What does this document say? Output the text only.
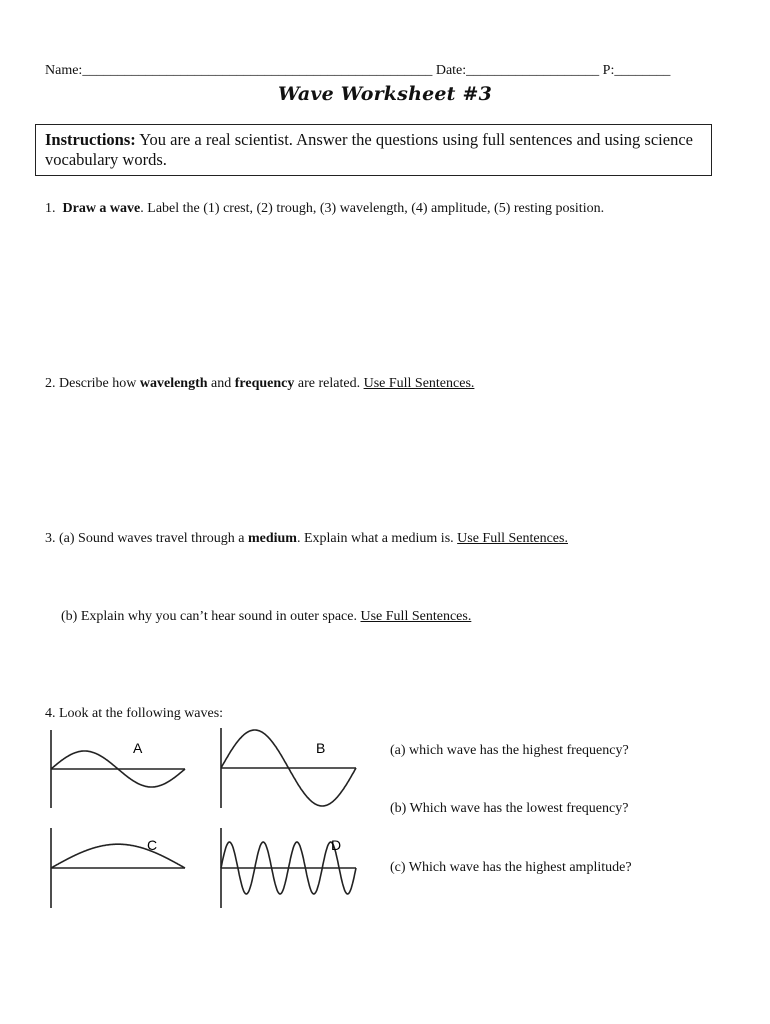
Name:__________________________________________________ Date:___________________ P:________
Wave Worksheet #3
Instructions: You are a real scientist. Answer the questions using full sentences and using science vocabulary words.
1. Draw a wave. Label the (1) crest, (2) trough, (3) wavelength, (4) amplitude, (5) resting position.
2. Describe how wavelength and frequency are related. Use Full Sentences.
3. (a) Sound waves travel through a medium. Explain what a medium is. Use Full Sentences.
(b) Explain why you can’t hear sound in outer space. Use Full Sentences.
4. Look at the following waves:
(a) which wave has the highest frequency?
(b) Which wave has the lowest frequency?
(c) Which wave has the highest amplitude?
A	B
C	D
